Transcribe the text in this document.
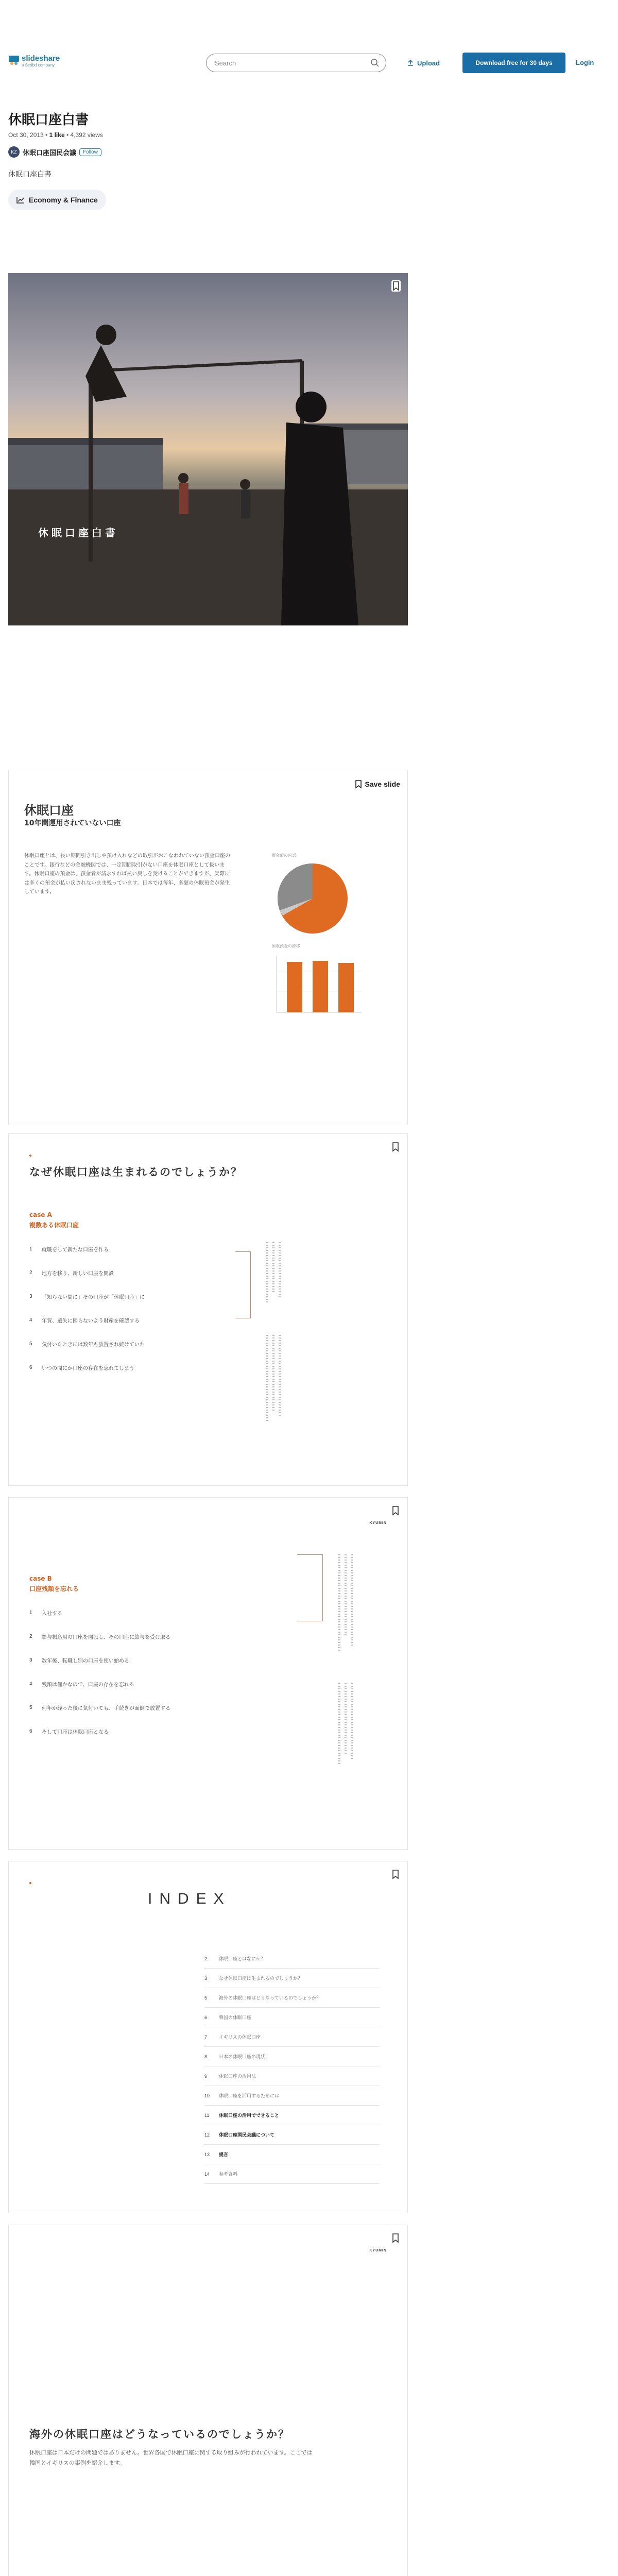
slideshare
a Scribd company
Search	Upload	Download free for 30 days	Login
休眠口座白書
Oct 30, 2013 • 1 like • 4,392 views
KZ 休眠口座国民会議	Follow
休眠口座白書
Economy & Finance
休眠口座白書
Save slide
休眠口座
10年間運用されていない口座

休眠口座とは、長い期間引き出しや預け入れなどの取引がおこなわれていない預金口座のことです。銀行などの金融機関では、一定期間取引がない口座を休眠口座として扱います。休眠口座の預金は、預金者が請求すれば払い戻しを受けることができますが、実際には多くの預金が払い戻されないまま残っています。日本では毎年、多額の休眠預金が発生しています。

預金額の内訳
休眠預金の推移
なぜ休眠口座は生まれるのでしょうか？
case A
複数ある休眠口座
1	就職をして新たな口座を作る
2	地方を移り、新しい口座を開設
3	「知らない間に」その口座が「休眠口座」に
4	年賀、遺失に困らないよう財産を確認する
5	気付いたときには数年も放置され続けていた
6	いつの間にか口座の存在を忘れてしまう
KYUMIN
case B
口座残額を忘れる
1	入社する
2	給与振込用の口座を開設し、その口座に給与を受け取る
3	数年後、転職し別の口座を使い始める
4	残額は僅かなので、口座の存在を忘れる
5	何年か経った後に気付いても、手続きが面倒で放置する
6	そして口座は休眠口座となる
INDEX
2	休眠口座とはなにか？
3	なぜ休眠口座は生まれるのでしょうか？
5	海外の休眠口座はどうなっているのでしょうか？
6	韓国の休眠口座
7	イギリスの休眠口座
8	日本の休眠口座の現状
9	休眠口座の活用法
10	休眠口座を活用するためには
11	休眠口座の活用でできること
12	休眠口座国民会議について
13	提言
14	参考資料
KYUMIN
海外の休眠口座はどうなっているのでしょうか？

休眠口座は日本だけの問題ではありません。世界各国で休眠口座に関する取り組みが行われています。ここでは韓国とイギリスの事例を紹介します。
